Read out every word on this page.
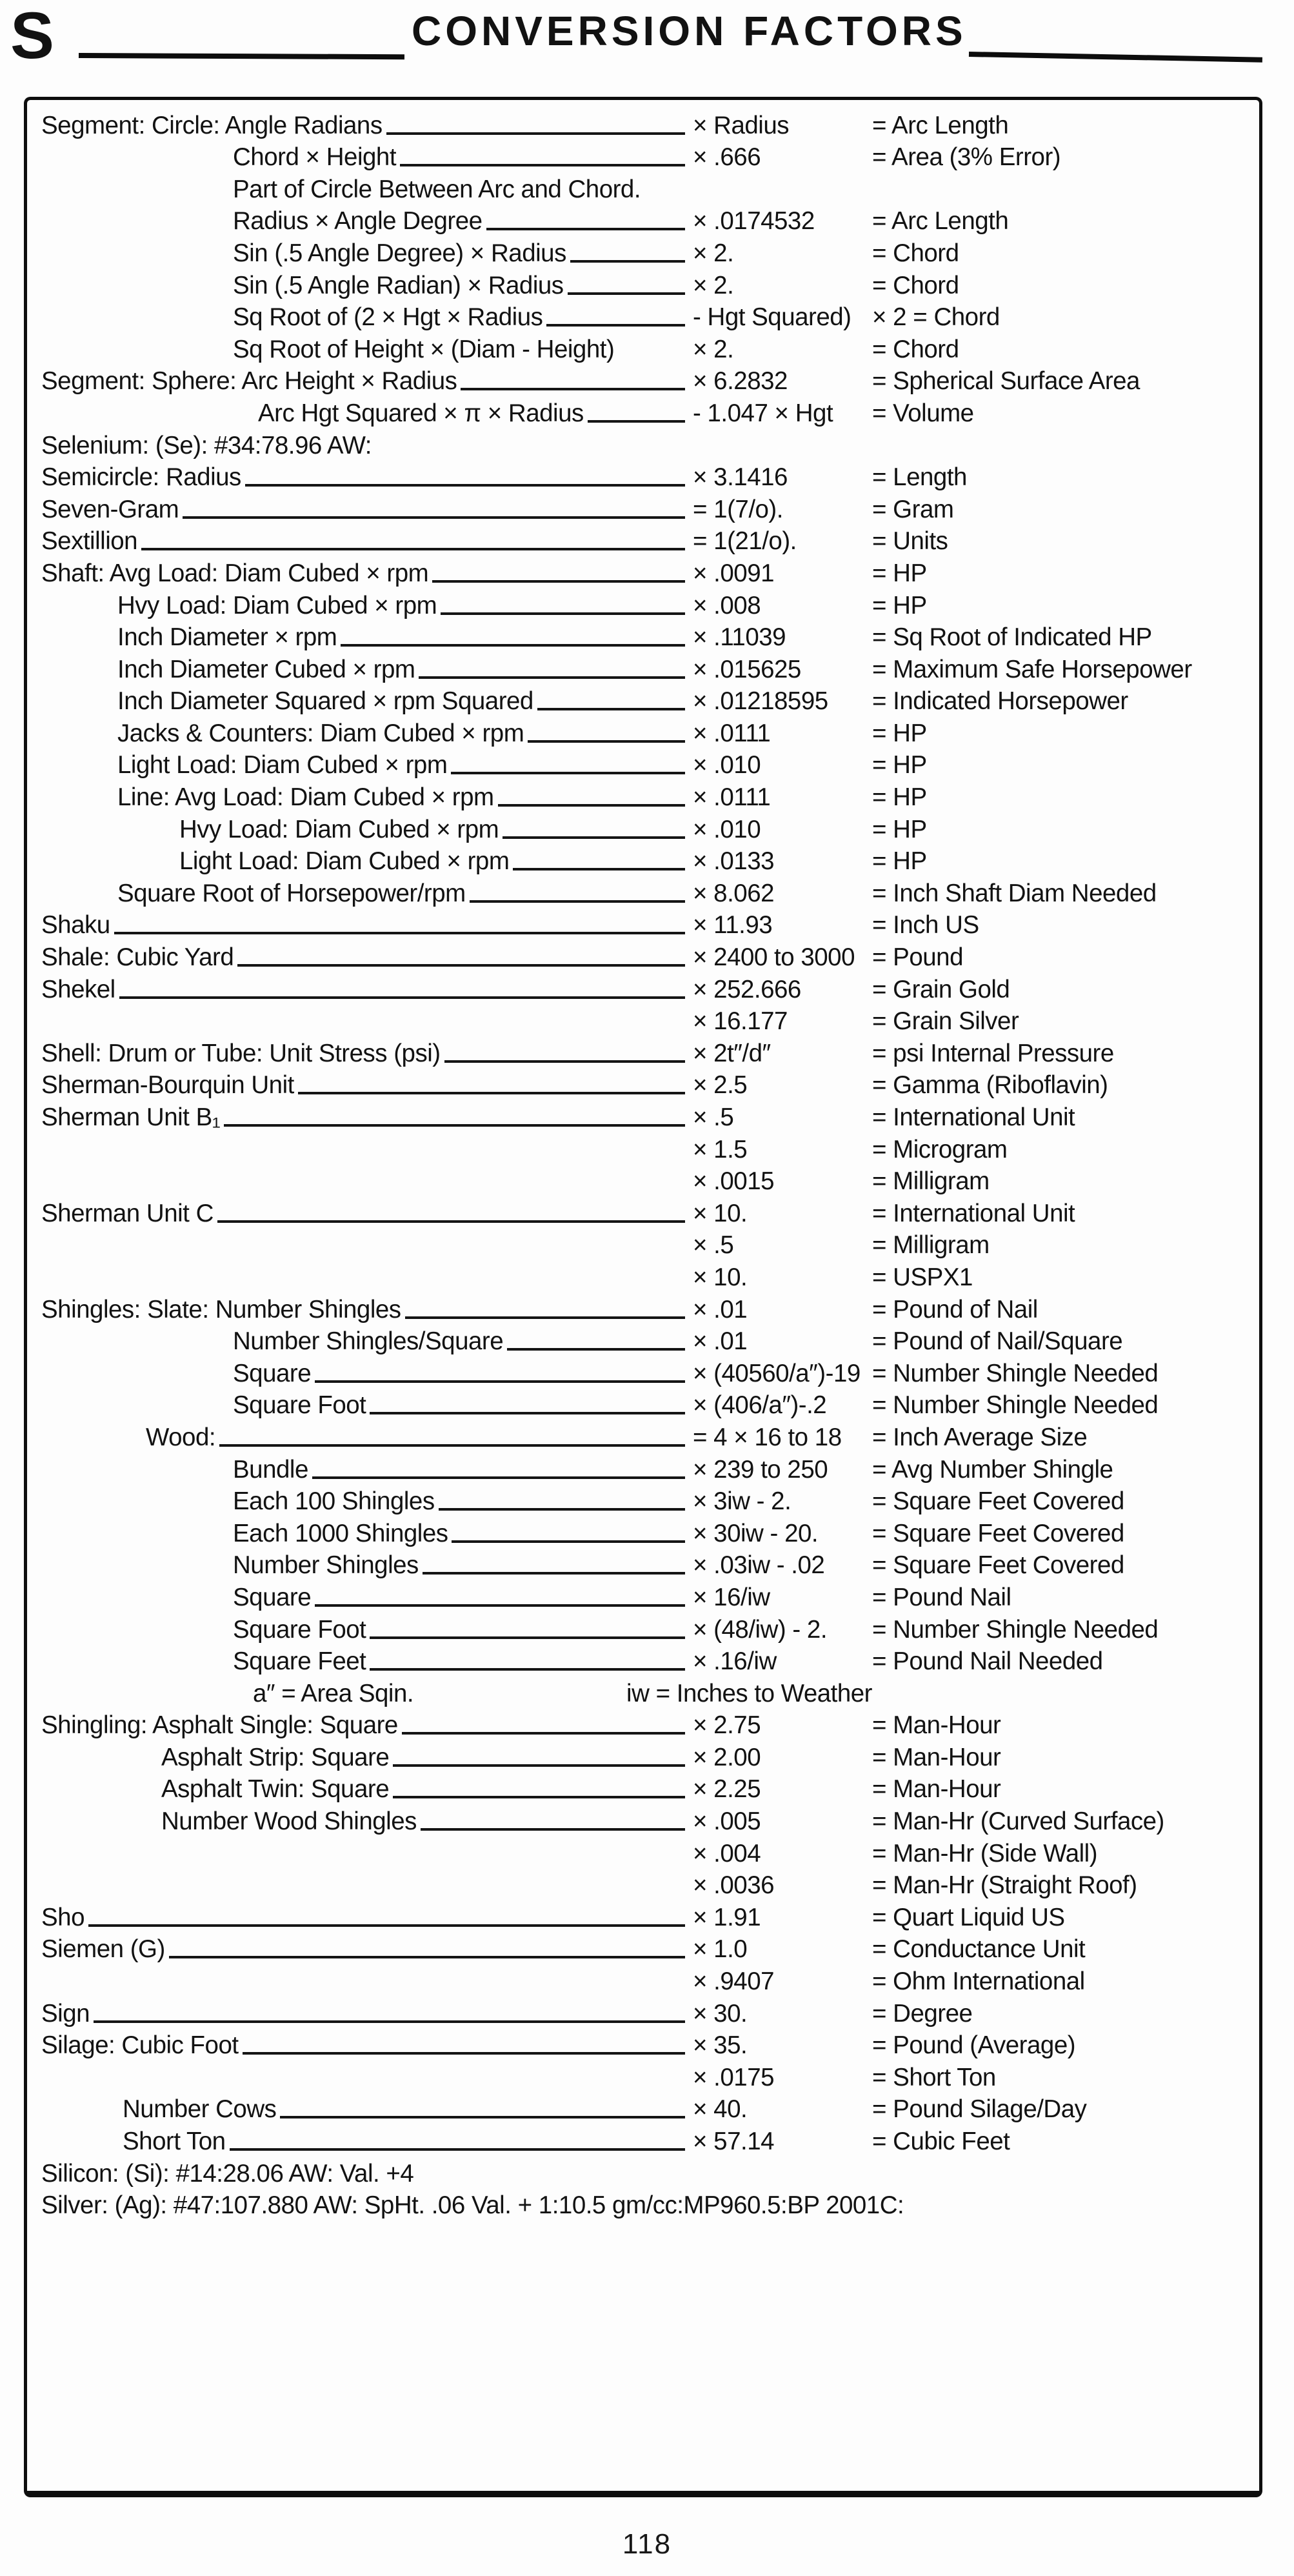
S	CONVERSION FACTORS
Segment: Circle: Angle Radians	× Radius	= Arc Length
Chord × Height	× .666	= Area (3% Error)
Part of Circle Between Arc and Chord.
Radius × Angle Degree	× .0174532	= Arc Length
Sin (.5 Angle Degree) × Radius	× 2.	= Chord
Sin (.5 Angle Radian) × Radius	× 2.	= Chord
Sq Root of (2 × Hgt × Radius	- Hgt Squared) × 2 = Chord
Sq Root of Height × (Diam - Height)	× 2.	= Chord
Segment: Sphere: Arc Height × Radius	× 6.2832	= Spherical Surface Area
Arc Hgt Squared × π × Radius	- 1.047 × Hgt	= Volume
Selenium: (Se): #34:78.96 AW:
Semicircle: Radius	× 3.1416	= Length
Seven-Gram	= 1(7/o).	= Gram
Sextillion	= 1(21/o).	= Units
Shaft: Avg Load: Diam Cubed × rpm	× .0091	= HP
Hvy Load: Diam Cubed × rpm	× .008	= HP
Inch Diameter × rpm	× .11039	= Sq Root of Indicated HP
Inch Diameter Cubed × rpm	× .015625	= Maximum Safe Horsepower
Inch Diameter Squared × rpm Squared	× .01218595	= Indicated Horsepower
Jacks & Counters: Diam Cubed × rpm	× .0111	= HP
Light Load: Diam Cubed × rpm	× .010	= HP
Line: Avg Load: Diam Cubed × rpm	× .0111	= HP
Hvy Load: Diam Cubed × rpm	× .010	= HP
Light Load: Diam Cubed × rpm	× .0133	= HP
Square Root of Horsepower/rpm	× 8.062	= Inch Shaft Diam Needed
Shaku	× 11.93	= Inch US
Shale: Cubic Yard	× 2400 to 3000 = Pound
Shekel	× 252.666	= Grain Gold
× 16.177	= Grain Silver
Shell: Drum or Tube: Unit Stress (psi)	× 2t″/d″	= psi Internal Pressure
Sherman-Bourquin Unit	× 2.5	= Gamma (Riboflavin)
Sherman Unit B₁	× .5	= International Unit
× 1.5	= Microgram
× .0015	= Milligram
Sherman Unit C	× 10.	= International Unit
× .5	= Milligram
× 10.	= USPX1
Shingles: Slate: Number Shingles	× .01	= Pound of Nail
Number Shingles/Square	× .01	= Pound of Nail/Square
Square	× (40560/a″)-19 = Number Shingle Needed
Square Foot	× (406/a″)-.2	= Number Shingle Needed
Wood:	= 4 × 16 to 18	= Inch Average Size
Bundle	× 239 to 250	= Avg Number Shingle
Each 100 Shingles	× 3iw - 2.	= Square Feet Covered
Each 1000 Shingles	× 30iw - 20.	= Square Feet Covered
Number Shingles	× .03iw - .02	= Square Feet Covered
Square	× 16/iw	= Pound Nail
Square Foot	× (48/iw) - 2.	= Number Shingle Needed
Square Feet	× .16/iw	= Pound Nail Needed
a″ = Area Sqin.	iw = Inches to Weather
Shingling: Asphalt Single: Square	× 2.75	= Man-Hour
Asphalt Strip: Square	× 2.00	= Man-Hour
Asphalt Twin: Square	× 2.25	= Man-Hour
Number Wood Shingles	× .005	= Man-Hr (Curved Surface)
× .004	= Man-Hr (Side Wall)
× .0036	= Man-Hr (Straight Roof)
Sho	× 1.91	= Quart Liquid US
Siemen (G)	× 1.0	= Conductance Unit
× .9407	= Ohm International
Sign	× 30.	= Degree
Silage: Cubic Foot	× 35.	= Pound (Average)
× .0175	= Short Ton
Number Cows	× 40.	= Pound Silage/Day
Short Ton	× 57.14	= Cubic Feet
Silicon: (Si): #14:28.06 AW: Val. +4
Silver: (Ag): #47:107.880 AW: SpHt. .06 Val. + 1:10.5 gm/cc:MP960.5:BP 2001C:
118
